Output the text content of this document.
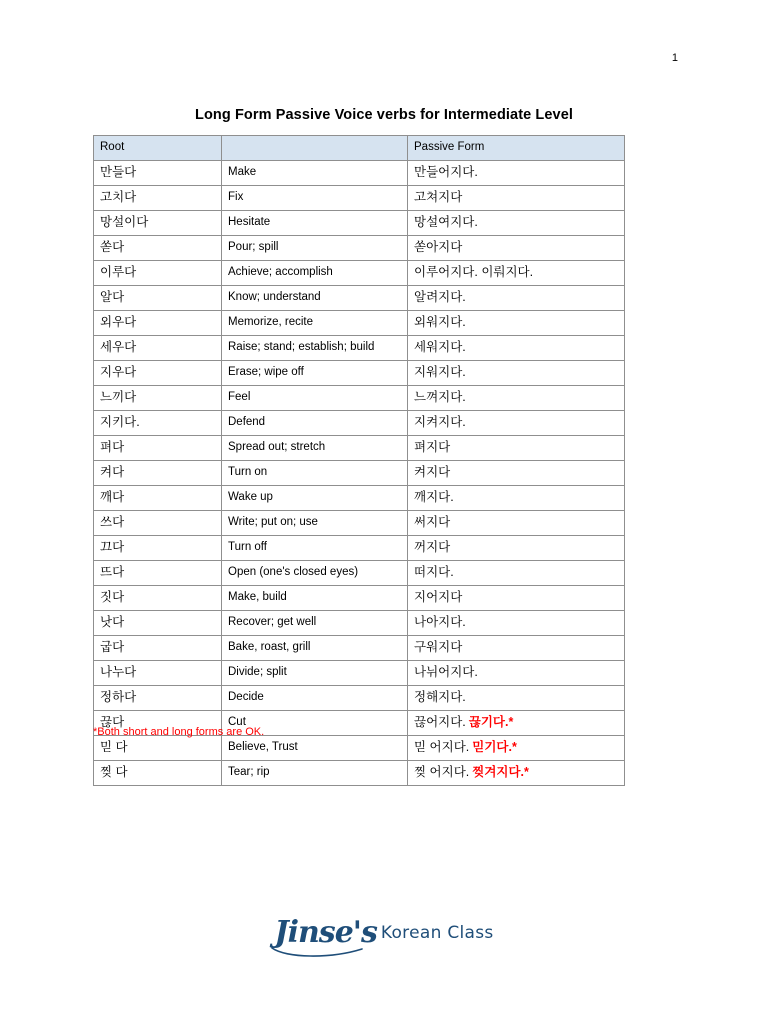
1
Long Form Passive Voice verbs for Intermediate Level
Root		Passive Form
만들다	Make	만들어지다.
고치다	Fix	고쳐지다
망설이다	Hesitate	망설여지다.
쏟다	Pour; spill	쏟아지다
이루다	Achieve; accomplish	이루어지다. 이뤄지다.
알다	Know; understand	알려지다.
외우다	Memorize, recite	외워지다.
세우다	Raise; stand; establish; build	세워지다.
지우다	Erase; wipe off	지워지다.
느끼다	Feel	느껴지다.
지키다.	Defend	지켜지다.
펴다	Spread out; stretch	펴지다
켜다	Turn on	켜지다
깨다	Wake up	깨지다.
쓰다	Write; put on; use	써지다
끄다	Turn off	꺼지다
뜨다	Open (one's closed eyes)	떠지다.
짓다	Make, build	지어지다
낫다	Recover; get well	나아지다.
굽다	Bake, roast, grill	구워지다
나누다	Divide; split	나뉘어지다.
정하다	Decide	정해지다.
끊다	Cut	끊어지다. 끊기다.*
믿 다	Believe, Trust	믿 어지다. 믿기다.*
찢 다	Tear; rip	찢 어지다. 찢겨지다.*
*Both short and long forms are OK.
Jinse's Korean Class
